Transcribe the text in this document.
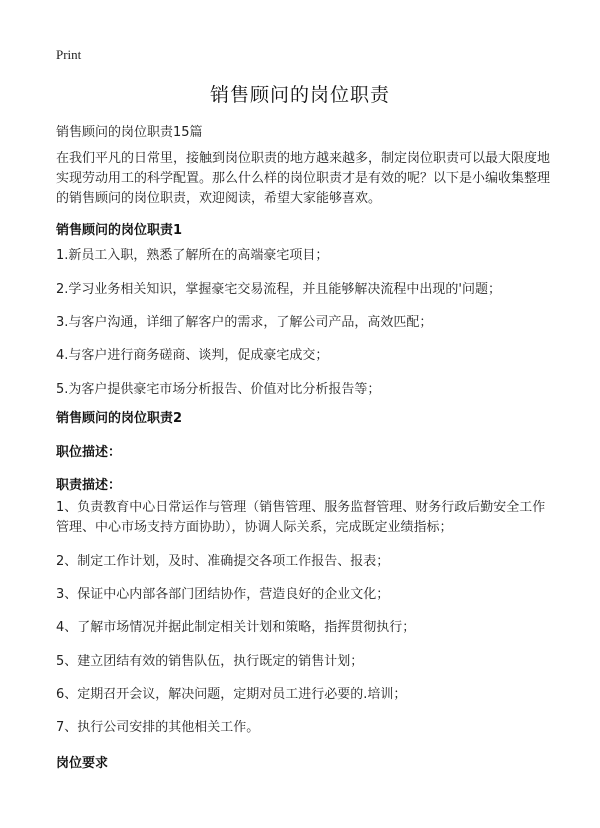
Print
销售顾问的岗位职责
销售顾问的岗位职责15篇
在我们平凡的日常里，接触到岗位职责的地方越来越多，制定岗位职责可以最大限度地实现劳动用工的科学配置。那么什么样的岗位职责才是有效的呢？以下是小编收集整理的销售顾问的岗位职责，欢迎阅读，希望大家能够喜欢。
销售顾问的岗位职责1
1.新员工入职，熟悉了解所在的高端豪宅项目；
2.学习业务相关知识，掌握豪宅交易流程，并且能够解决流程中出现的'问题；
3.与客户沟通，详细了解客户的需求，了解公司产品，高效匹配；
4.与客户进行商务磋商、谈判，促成豪宅成交；
5.为客户提供豪宅市场分析报告、价值对比分析报告等；
销售顾问的岗位职责2
职位描述：
职责描述：
1、负责教育中心日常运作与管理（销售管理、服务监督管理、财务行政后勤安全工作管理、中心市场支持方面协助），协调人际关系，完成既定业绩指标；
2、制定工作计划，及时、准确提交各项工作报告、报表；
3、保证中心内部各部门团结协作，营造良好的企业文化；
4、了解市场情况并据此制定相关计划和策略，指挥贯彻执行；
5、建立团结有效的销售队伍，执行既定的销售计划；
6、定期召开会议，解决问题，定期对员工进行必要的.培训；
7、执行公司安排的其他相关工作。
岗位要求
